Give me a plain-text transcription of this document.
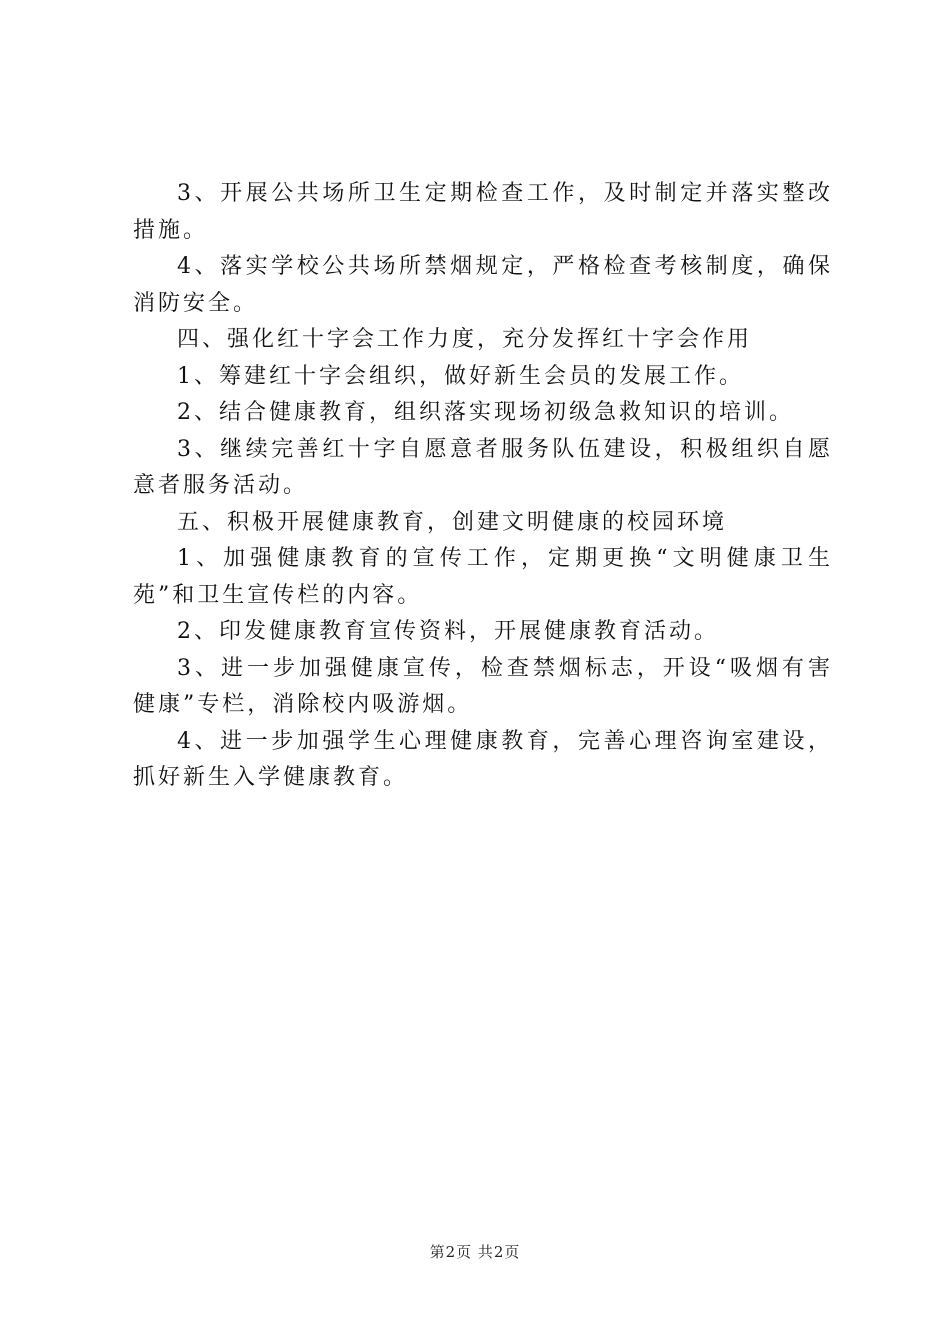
3、开展公共场所卫生定期检查工作，及时制定并落实整改措施。

4、落实学校公共场所禁烟规定，严格检查考核制度，确保消防安全。

四、强化红十字会工作力度，充分发挥红十字会作用

1、筹建红十字会组织，做好新生会员的发展工作。

2、结合健康教育，组织落实现场初级急救知识的培训。

3、继续完善红十字自愿意者服务队伍建设，积极组织自愿意者服务活动。

五、积极开展健康教育，创建文明健康的校园环境

1、加强健康教育的宣传工作，定期更换“文明健康卫生苑”和卫生宣传栏的内容。

2、印发健康教育宣传资料，开展健康教育活动。

3、进一步加强健康宣传，检查禁烟标志，开设“吸烟有害健康”专栏，消除校内吸游烟。

4、进一步加强学生心理健康教育，完善心理咨询室建设，抓好新生入学健康教育。

第2页 共2页
